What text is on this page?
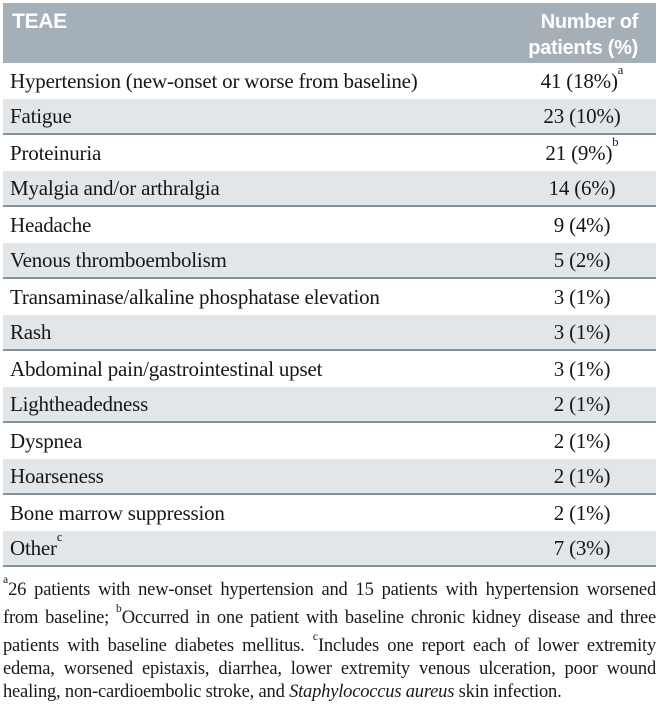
TEAE	Number of patients (%)
Hypertension (new-onset or worse from baseline)	41 $(18\%)^a$
Fatigue	23 (10%)
Proteinuria	21 $(9\%)^b$
Myalgia and/or arthralgia	14 (6%)
Headache	9 (4%)
Venous thromboembolism	5 (2%)
Transaminase/alkaline phosphatase elevation	3 (1%)
Rash	3 (1%)
Abdominal pain/gastrointestinal upset	3 (1%)
Lightheadedness	2 (1%)
Dyspnea	2 (1%)
Hoarseness	2 (1%)
Bone marrow suppression	2 (1%)
Other$^c$	7 (3%)

$^a$26 patients with new-onset hypertension and 15 patients with hypertension worsened from baseline; $^b$Occurred in one patient with baseline chronic kidney disease and three patients with baseline diabetes mellitus. $^c$Includes one report each of lower extremity edema, worsened epistaxis, diarrhea, lower extremity venous ulceration, poor wound healing, non-cardioembolic stroke, and Staphylococcus aureus skin infection.
